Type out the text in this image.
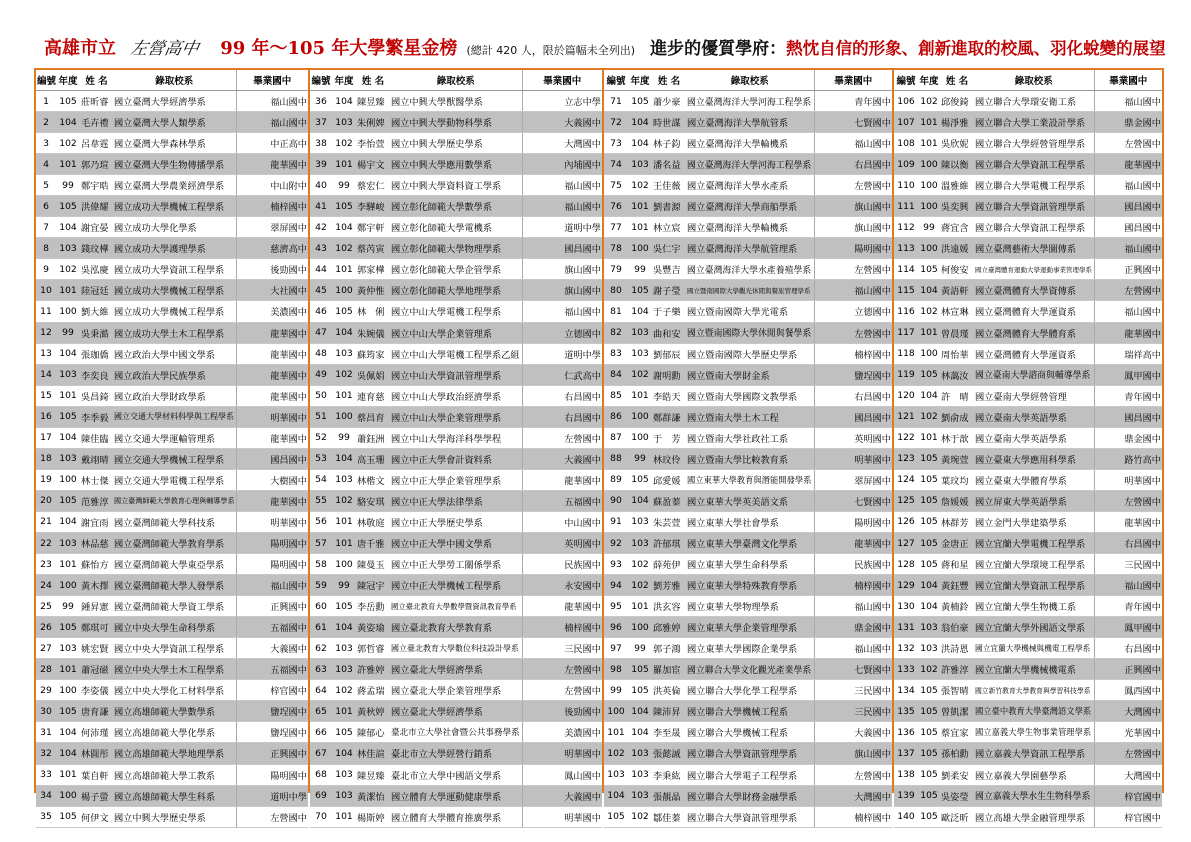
高雄市立 左營高中 99 年～105 年大學繁星金榜 (總計 420 人，限於篇幅未全列出) 進步的優質學府：熱忱自信的形象、創新進取的校風、羽化蛻變的展望
編號	年度	姓 名	錄取校系	畢業國中
1	105	莊昕睿	國立臺灣大學經濟學系	福山國中
2	104	毛卉禮	國立臺灣大學人類學系	福山國中
3	102	呂韋霆	國立臺灣大學森林學系	中正高中
4	101	郭乃瑄	國立臺灣大學生物傳播學系	龍華國中
5	99	鄭宇晧	國立臺灣大學農業經濟學系	中山附中
6	105	洪偉耀	國立成功大學機械工程學系	楠梓國中
7	104	謝宜晏	國立成功大學化學系	翠屏國中
8	103	錢玟樺	國立成功大學護理學系	慈濟高中
9	102	吳泓慶	國立成功大學資訊工程學系	後勁國中
10	101	陸冠廷	國立成功大學機械工程學系	大社國中
11	100	劉大維	國立成功大學機械工程學系	美濃國中
12	99	吳秉澔	國立成功大學土木工程學系	龍華國中
13	104	張珈僑	國立政治大學中國文學系	龍華國中
14	103	李奕良	國立政治大學民族學系	龍華國中
15	101	吳昌錡	國立政治大學財政學系	龍華國中
16	105	李季毅	國立交通大學材料科學與工程學系	明華國中
17	104	陳佳臨	國立交通大學運輸管理系	龍華國中
18	103	戴翊晴	國立交通大學機械工程學系	國昌國中
19	100	林士傑	國立交通大學電機工程學系	大樹國中
20	105	范雅淳	國立臺灣師範大學教育心理與輔導學系	龍華國中
21	104	謝宜雨	國立臺灣師範大學科技系	明華國中
22	103	林品慈	國立臺灣師範大學教育學系	陽明國中
23	101	蘇怡方	國立臺灣師範大學東亞學系	陽明國中
24	100	黃木擇	國立臺灣師範大學人發學系	福山國中
25	99	鍾昇憲	國立臺灣師範大學資工學系	正興國中
26	105	鄭琪可	國立中央大學生命科學系	五福國中
27	103	姚宏賢	國立中央大學資訊工程學系	大義國中
28	101	蕭冠磁	國立中央大學土木工程學系	五福國中
29	100	李姿儀	國立中央大學化工材料學系	梓官國中
30	105	唐育謙	國立高雄師範大學數學系	鹽埕國中
31	104	何沛瑾	國立高雄師範大學化學系	鹽埕國中
32	104	林圓彤	國立高雄師範大學地理學系	正興國中
33	101	葉自軒	國立高雄師範大學工教系	陽明國中
34	100	楊子螢	國立高雄師範大學生科系	道明中學
35	105	何伊文	國立中興大學歷史學系	左營國中
編號	年度	姓 名	錄取校系	畢業國中
36	104	陳昱臻	國立中興大學獸醫學系	立志中學
37	103	朱俐婢	國立中興大學動物科學系	大義國中
38	102	李怡萱	國立中興大學歷史學系	大灣國中
39	101	楊宇文	國立中興大學應用數學系	內埔國中
40	99	蔡宏仁	國立中興大學資料資工學系	福山國中
41	105	李驊峻	國立彰化師範大學數學系	福山國中
42	104	鄭宇軒	國立彰化師範大學電機系	道明中學
43	102	蔡芮寅	國立彰化師範大學物理學系	國昌國中
44	101	郭家樺	國立彰化師範大學企管學系	旗山國中
45	100	黃仲惟	國立彰化師範大學地理學系	旗山國中
46	105	林　俐	國立中山大學電機工程學系	福山國中
47	104	朱婉儀	國立中山大學企業管理系	立德國中
48	103	蘇筠家	國立中山大學電機工程學系乙組	道明中學
49	102	吳佩娟	國立中山大學資訊管理學系	仁武高中
50	101	連育慈	國立中山大學政治經濟學系	右昌國中
51	100	蔡昌育	國立中山大學企業管理學系	右昌國中
52	99	蕭鈺洲	國立中山大學海洋科學學程	左營國中
53	104	高玉珊	國立中正大學會計資料系	大義國中
54	103	林楷文	國立中正大學企業管理學系	龍華國中
55	102	駱安琪	國立中正大學法律學系	五福國中
56	101	林敬庭	國立中正大學歷史學系	中山國中
57	101	唐千雅	國立中正大學中國文學系	英明國中
58	100	陳曼玉	國立中正大學勞工關係學系	民族國中
59	99	陳冠宇	國立中正大學機械工程學系	永安國中
60	105	李岳勳	國立臺北教育大學數學暨資訊教育學系	龍華國中
61	104	黃姿瑜	國立臺北教育大學教育系	楠梓國中
62	103	郭哲睿	國立臺北教育大學數位科技設計學系	三民國中
63	103	許雅婷	國立臺北大學經濟學系	左營國中
64	102	蔣孟瑞	國立臺北大學企業管理學系	左營國中
65	101	黃秋婷	國立臺北大學經濟學系	後勁國中
66	105	陳郁心	臺北市立大學社會暨公共事務學系	美濃國中
67	104	林佳諠	臺北市立大學經營行銷系	明華國中
68	103	陳昱臻	臺北市立大學中國語文學系	鳳山國中
69	103	黃潔怡	國立體育大學運動健康學系	大義國中
70	101	楊斯婷	國立體育大學體育推廣學系	明華國中
編號	年度	姓 名	錄取校系	畢業國中
71	105	蕭少豪	國立臺灣海洋大學河海工程學系	青年國中
72	104	時世謀	國立臺灣海洋大學航管系	七賢國中
73	104	林子鈞	國立臺灣海洋大學輪機系	福山國中
74	103	潘名益	國立臺灣海洋大學河海工程學系	右昌國中
75	102	王佳薇	國立臺灣海洋大學水產系	左營國中
76	101	劉書源	國立臺灣海洋大學商船學系	旗山國中
77	101	林立宸	國立臺灣海洋大學輪機系	旗山國中
78	100	吳仁宇	國立臺灣海洋大學航管理系	陽明國中
79	99	吳豐吉	國立臺灣海洋大學水產養殖學系	左營國中
80	105	謝子瑩	國立暨南國際大學觀光休閒與餐旅管理學系	福山國中
81	104	于子樂	國立暨南國際大學光電系	立德國中
82	103	曲和安	國立暨南國際大學休閒與餐學系	左營國中
83	103	劉郁辰	國立暨南國際大學歷史學系	楠梓國中
84	102	謝明勳	國立暨南大學財金系	鹽埕國中
85	101	李皓天	國立暨南大學國際文教學系	右昌國中
86	100	鄭群謙	國立暨南大學土木工程	國昌國中
87	100	于　芳	國立暨南大學社政社工系	英明國中
88	99	林玟伶	國立暨南大學比較教育系	明華國中
89	105	邱愛媛	國立東華大學教育與潛能開發學系	翠屏國中
90	104	蘇盈蓁	國立東華大學英美語文系	七賢國中
91	103	朱芸萱	國立東華大學社會學系	陽明國中
92	103	許郁琪	國立東華大學臺灣文化學系	龍華國中
93	102	薛苑伊	國立東華大學生命科學系	民族國中
94	102	劉芳雅	國立東華大學特殊教育學系	楠梓國中
95	101	洪玄容	國立東華大學物理學系	福山國中
96	100	邱雅婷	國立東華大學企業管理學系	鼎金國中
97	99	郭子鴻	國立東華大學國際企業學系	福山國中
98	105	羅加宦	國立聯合大學文化觀光產業學系	七賢國中
99	105	洪英倫	國立聯合大學化學工程學系	三民國中
100	104	陳沛昇	國立聯合大學機械工程系	三民國中
101	104	李至晟	國立聯合大學機械工程系	大義國中
102	103	張懿誠	國立聯合大學資訊管理學系	旗山國中
103	103	李秉紘	國立聯合大學電子工程學系	左營國中
104	103	張靚晶	國立聯合大學財務金融學系	大灣國中
105	102	鄒佳蓁	國立聯合大學資訊管理學系	楠梓國中
編號	年度	姓 名	錄取校系	畢業國中
106	102	邱俊錡	國立聯合大學環安衛工系	福山國中
107	101	楊淨雅	國立聯合大學工業設計學系	鼎金國中
108	101	吳欣妮	國立聯合大學經營管理學系	左營國中
109	100	陳以衡	國立聯合大學資訊工程學系	龍華國中
110	100	溫雅維	國立聯合大學電機工程學系	福山國中
111	100	吳奕興	國立聯合大學資訊管理學系	國昌國中
112	99	蔣宜含	國立聯合大學資訊工程學系	國昌國中
113	100	洪遠媛	國立臺灣藝術大學圖傳系	福山國中
114	105	柯俊安	國立臺灣體育運動大學運動事業管理學系	正興國中
115	104	黃語軒	國立臺灣體育大學資傳系	左營國中
116	102	林宣琳	國立臺灣體育大學運資系	福山國中
117	101	曾晨瑾	國立臺灣體育大學體育系	龍華國中
118	100	周怡華	國立臺灣體育大學運資系	瑞祥高中
119	105	林藹汝	國立臺南大學諮商與輔導學系	鳳甲國中
120	104	許　晴	國立臺南大學經營管理	青年國中
121	102	劉俞成	國立臺南大學英語學系	國昌國中
122	101	林于歆	國立臺南大學英語學系	鼎金國中
123	105	黃琬萱	國立臺東大學應用科學系	路竹高中
124	105	葉玟均	國立臺東大學體育學系	明華國中
125	105	詹媛媛	國立屏東大學英語學系	左營國中
126	105	林群芳	國立金門大學建築學系	龍華國中
127	105	金唐正	國立宜蘭大學電機工程學系	右昌國中
128	105	蔣和星	國立宜蘭大學環境工程學系	三民國中
129	104	黃鈺豐	國立宜蘭大學資訊工程學系	福山國中
130	104	黃楠鈴	國立宜蘭大學生物機工系	青年國中
131	103	翁伯豪	國立宜蘭大學外國語文學系	鳳甲國中
132	103	洪詩恩	國立宜蘭大學機械與機電工程學系	右昌國中
133	102	許雅淳	國立宜蘭大學機械機電系	正興國中
134	105	張智晴	國立新竹教育大學教育與學習科技學系	鳳西國中
135	105	曾凱潔	國立臺中教育大學臺灣語文學系	大灣國中
136	105	蔡宜家	國立嘉義大學生物事業管理學系	光華國中
137	105	孫柏勳	國立嘉義大學資訊工程學系	左營國中
138	105	劉柔安	國立嘉義大學園藝學系	大灣國中
139	105	吳姿瑩	國立嘉義大學水生生物科學系	梓官國中
140	105	歐泛昕	國立高雄大學金融管理學系	梓官國中
